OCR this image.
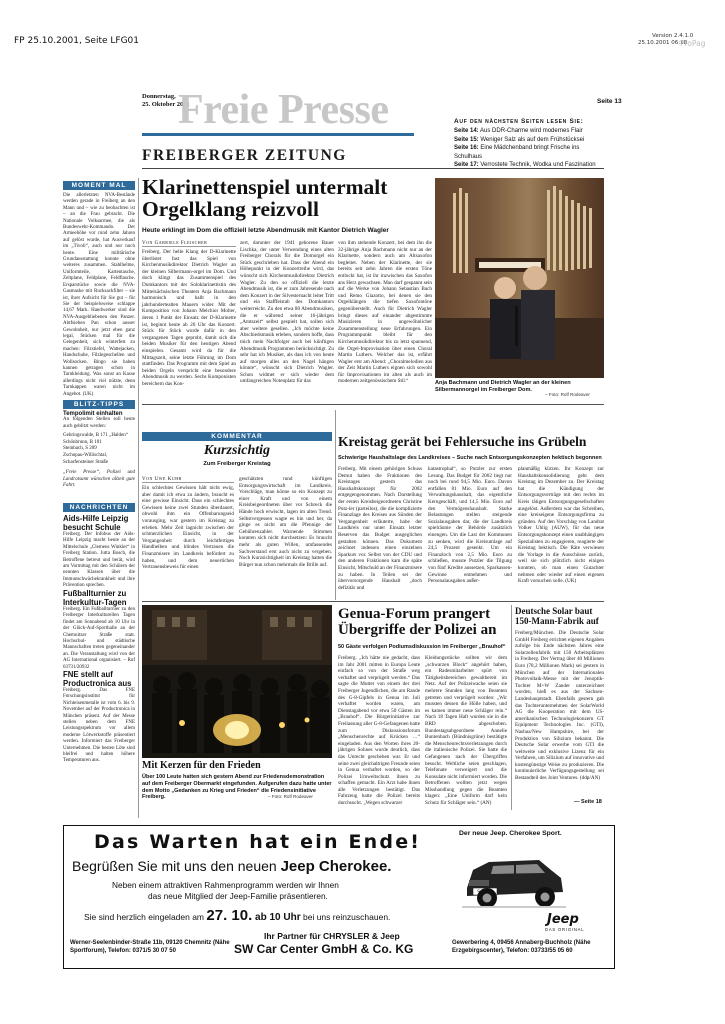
FP 25.10.2001, Seite LFG01	Version 2.4.1.0
25.10.2001 06:18
ProPag
Donnerstag,
25. Oktober 2001
Freie Presse
FREIBERGER ZEITUNG
Seite 13
Auf den nächsten Seiten lesen Sie:
Seite 14: Aus DDR-Charme wird modernes Flair
Seite 15: Weniger Salz als auf dem Frühstücksei
Seite 16: Eine Mädchenband bringt Frische ins Schulhaus
Seite 17: Verrostete Technik, Wodka und Faszination
MOMENT MAL
Die allerletzten NVA-Bestände werden gerade in Freiberg an den Mann und – wie zu beobachten ist – an die Frau gebracht. Die Nationale Volksarmee, die als Bundeswehr-Kommando. Der Armeehöhe vor rund zehn Jahren auf gelöst wurde, hat Ausverkauf im „Tivoli“, auch und nur noch heute. Eine militärische Grundausstattung konnte ohne weiteres zusammen. Stahlhelme, Uniformteile, Kartentasche, Zeltplane, Feldplane, Feldflasche. Ersparstücke sowie die NVA-Gasmaske mit Rucksackfilter – sie ist, ihrer Aufsicht für Sie gut – für Sie der beispielsweise schlappe 14,67 Mark. Handwerker sind die NVA-Ausgebliebenen den Panzer. Abtfsieben Pan schon ausser Gewohnheit, nur jetzt eben ganz legal, Stücken mal für die Gelegenheit, sich winterfest zu machen: Filzstiefel, Wattejacken, Handschuhe, Filzlegeschellen und Wollsocken. Bingo sie haben kannen getragen schon in Tarnkleidung. Was sonst an Kasse allerdings nicht viel nützte, denn Tarnkappen waren nicht im Angebot. (UK)
BLITZ-TIPPS
Tempolimit einhalten
An folgenden Stellen soll heute auch geblitzt werden:
Gehringswalde, B 171 „Halden“
Schönbrunn, B 101
Steinbach, S 209
Zschopau-Willischtal, Scharfensteiner Straße
„Freie Presse“, Polizei und Landratsamt wünschen allzeit gute Fahrt.
NACHRICHTEN
Aids-Hilfe Leipzig besucht Schule
Freiberg. Der Infobus der Aids-Hilfe Leipzig macht heute an der Mittelschule „Clemens Winkler“ in Freiberg Station. Jutta Bosch, die Betroffene betreut und berät, wird am Vormittag mit den Schülern der neunten Klassen über die Immunschwächekrankheit und ihre Prävention sprechen.
Fußballturnier zu Interkultur-Tagen
Freiberg. Ein Fußballturnier zu den Freiberger Interkulturellen Tagen findet am Sonnabend ab 10 Uhr in der Glück-Auf-Sporthalle an der Chemnitzer Straße statt. Hochschul- und städtische Mannschaften treten gegeneinander an. Die Veranstaltung wird von der AG International organisiert. – Ruf 03731/20932
FNE stellt auf Productronica aus
Freiberg. Das FNE Forschungsinstitut für Nichteisenmetalle ist vom 6. bis 9. November auf der Productronica in München präsent. Auf der Messe stellen neben dem FNE Leistungsspektrum vor allem moderne Lötwerkstoffe präsentiert werden. Informiert das Freiberger Unternehmen. Die besten Löte sind bleifrei und halten höhere Temperaturen aus.
Klarinettenspiel untermalt
Orgelklang reizvoll
Heute erklingt im Dom die offiziell letzte Abendmusik mit Kantor Dietrich Wagler
Von Gabriele Fleischer
Freiberg. Der helle Klang der D-Klarinette überlistet fast das Spiel von Kirchenmusikdirektor Dietrich Wagler an der kleinen Silbermann-orgel im Dom. Und doch klingt das Zusammenspiel des Domkantors mit der Soloklarinettistin des Mittelsächsischen Theaters Anja Bachmann harmonisch und hallt in den jahrhundertealten Mauern wider. Mit der Komposition von Johann Melchior Molter, deren 1 Punkt der Einsatz der D-Klarinette ist, beginnt heute ab 20 Uhr das Konzert. Stück für Stück wurde dafür in den vergangenen Tagen geprobt, damit sich die beiden Musiker für den heutigen Abend einspielen. Gesamt wird da für die Mittagszeit, seine letzte Führung im Dom stattfinden. Das Programm mit dem Spiel an beiden Orgeln verspricht eine besondere Abendmusik zu werden. Sechs Komponisten bereichern das Kon-
zert, darunter der 1941 geborene Bauer Lischka, der unter Verwendung eines alten Freiberger Chorals für die Domorgel ein Stück geschrieben hat. Dass der Abend ein Höhepunkt in der Konzertreihe wird, das wünscht sich Kirchenmusikdirektor Dietrich Wagler. Zu den so offiziell die letzte Abendmusik ist, die er zum Jahresende nach dem Konzert in der Silvesternacht leitet Tritt und ein Stafffeistab des Domkantors weiterreicht. Zu den etwa 80 Abendmusiken, die er während seiner 16-jährigen „Amtszeit“ selbst gespielt hat, sollen sich aber weitere gesellen. „Ich möchte keine Abschiedsmusik erleben, sondern hoffe, dass mich mein Nachfolger auch bei künftigen Abendmusik Programmen berücksichtigt. Zu sehr hat ich Musiker, als dass ich von heute auf morgen alles an den Nagel hängen könnte“, wünscht sich Dietrich Wagler. Schon widmet er sich wieder dem umfangreichen Notenplatz für das
von ihm stehende Konzert, bei dem ihn die 32-jährige Anja Bachmann nicht nur an der Klarinette, sondern auch am Altsaxofon begleitet. Neben der Klarinette, der sie bereits seit zehn Jahren die ersten Töne entlockt hat, ist ihr inzwischen das Saxofon ans Herz gewachsen. Man darf gespannt sein auf die Werke von Johann Sebastian Bach und Remo Giazotto, bei denen sie den Orgelklängen die tiefen Saxofontöne gegenüberstellt. Auch für Dietrich Wagler bringt dieses auf einander abgestimmte Musizieren in ungewöhnlicher Zusammenstellung neue Erfahrungen. Ein Programmpunkt bleibt für den Kirchenmusikdirektor bis zu letzt spannend, die Orgel-Improvisation über einen Choral Martin Luthers. Welcher das ist, erfährt Wagler erst am Abend: „Choralmelodien aus der Zeit Martin Luthers eignen sich sowohl für Improvisationen im alten als auch im modernen zeitgenössischem Stil.“	Anja Bachmann und Dietrich Wagler an der kleinen Silbermannorgel im Freiberger Dom.
– Foto: Rolf Rodeaver
KOMMENTAR
Kurzsichtig
Zum Freiberger Kreistag
Von Uwe Kuhr
Ein schlechtes Gewissen hält nicht ewig, aber damit ich etwa zu ändern, braucht es eine gewisse Einsicht. Dass ein schlechtes Gewissen keine zwei Stunden überdauert, obwohl ihm ein Offenbarungseid vorausging, war gestern im Kreistag zu erleben. Mehr Zeit lagnicht zwischen der schmerzlichen Einsicht, in der Vergangenheit durch leichtfertiges Handhelben und blindes Vertrauen die Finanzmisere im Landkreis befördert zu haben, und dem neuerlichen Vertrauensbeweis für einen
geschätzten rund künftigen Entsorgungswirtschaft im Landkreis. Vorschläge, man könne so ein Konzept zu einer Kraft und von einem Kreisbeigeordneten über vor Schreck die Hände hoch erwischt, lagen im alten Trend. Selbstvergessen wagte es hin und her, da ginge es nicht um die Pfennige der Gebührenzahler. Warnende Stimmen konnten sich nicht durchsetzen: Es braucht mehr als guten Willen, umfassendes Sachverstand erst auch nicht zu vergeben. Noch Kurzsichtigkeit im Kreistag hatten die Bürger nun schon mehrmals die Brille auf.
Kreistag gerät bei Fehlersuche ins Grübeln
Schwierige Haushaltslage des Landkreises – Suche nach Entsorgungskonzepten hektisch begonnen
Freiberg. Mit einem gehörigen Schuss Demut haben die Fraktionen des Kreistages gestern das Haushaltskonzept für 2002 entgegengenommen. Nach Darstellung der ersten Kreisbeigeordneten Christine Putz-ler (parteilos), die die komplizierte Finanzlage des Kreises aus Sünden der Vergangenheit erläuterte, habe der Landkreis nur unter Einsatz letzter Reserven das Budget ausgeglichen gestalten können. Das Dokument zeichnet indessen einen einzelnen Sparkurs vor. Selbst von der CDU und den anderen Fraktionen kam die späte Einsicht, Mitschuld an der Finanzmisere zu haben. In Teilen sei der übervorsorgende Haushalt „doch defizitär und
katastrophal“, so Putzler zur ersten Lesung. Das Budget für 2002 liegt nur noch bei rund 94,5 Mio. Euro. Davon entfallen 81 Mio. Euro auf den Verwaltungshaushalt, das eigentliche Kerngeschäft, und 14,5 Mio. Euro auf den Vermögenshaushalt. Starke Belastungen stellen steigende Sozialausgaben dar, die der Landkreis spielräume der Behörde zusätzlich einengen. Um die Last der Kommunen zu senken, wird die Kreisumlage auf 24,5 Prozent gesenkt. Um ein Finanzloch von 2,5 Mio. Euro zu schließen, musste Putzler die Tilgung von fünf Kredite aussetzen, Sparkassen-Gewinne entnehmen und Personalausgaben außer-
planmäßig kürzen. Ihr Konzept zur Haushaltskonsolidierung geht dem Kreistag im Dezember zu. Der Kreistag hat die Kündigung der Entsorgungsverträge mit den rechts im Kreis tätigen Entsorgungsgesellschaften ausgelöst. Außerdem war das Schreiben, eine kreiseigene Entsorgungsfirma zu gründen. Auf den Vorschlag von Landrat Volker Uhlig (AUW), für das neue Entsorgungskonzept einen unabhängigen Spezialisten zu engagieren, reagierte der Kreistag hektisch. Die Räte verwiesen die Vorlage in die Ausschüsse zurück, weil sie sich plötzlich nicht einigen konnten, ob man einen Gutachter nehmen oder wieder auf einen eigenen Kraft vorsuchen solle. (UK)
Mit Kerzen für den Frieden
Über 100 Leute hatten sich gestern Abend zur Friedensdemonstration auf dem Freiberger Obermarkt eingefunden. Aufgerufen dazu hatte unter dem Motto „Gedanken zu Krieg und Frieden“ die Friedensinitiative Freiberg.	– Foto: Rolf Rodeaver
Genua-Forum prangert
Übergriffe der Polizei an
50 Gäste verfolgen Podiumsdiskussion im Freiberger „Brauhof“
Freiberg. „Ich hätte nie gedacht, dass im Jahr 2001 mitten in Europa Leute einfach so von der Straße weg verhaftet und verprügelt werden.“ Das sagte die Mutter von einem der drei Freiberger Jugendlichen, die am Rande des G-8-Gipfels in Genua im Juli verhaftet worden waren, am Dienstagabend vor etwa 50 Gästen im „Brauhof“. Die Bürgerinitiative zur Freilassung aller G-8-Gefangenen hatte zum Diskussionsforum „Menschenrechte auf Krücken …“ eingeladen. Aus den Worten ihres 20-jährigen Sohnes wurde deutlich, dass das Unrecht geschehen war. Er und seine zwei gleichaltrigen Freunde seien in Genua verhaftet worden, so der Polizei Umweltschutz ihnen zu schaffen gemacht. Ein Arzt habe ihnen alle Verletzungen bestätigt. Das Fahrzeug hatte die Polizei bereits durchsucht. „Wegen schwarzer
Kleidungsstücke sollten wir dem „schwarzen Block“ angehört haben, ein Radesmitarbeiter spürt von Tätigkeitsbereichen gewaltbereit im Netz. Auf der Polizeiwache seien sie mehrere Stunden lang von Beamten getreten und verprügelt worden: „Wir mussten dessen die Hölle haben, und es kamen immer neue Schläger rein.“ Nach 18 Tagen Haft wurden sie in die BRD abgeschoben. Bundestagsabgeordnete Annelie Buntenbach (Bündnisgrüne) bestätigte die Menschenrechtsverletzungen durch die italienische Polizei. Sie hatte die Gefangenen nach der Übergriffen besucht. Weltliche seien geschlagen, Telefonate verweigert und die Konsulate nicht informiert worden. Die Betroffenen wollten jetzt wegen Misshandlung gegen die Beamten klagen: „Eine Uniform darf kein Schutz für Schläger sein.“ (AN)
Deutsche Solar baut
150-Mann-Fabrik auf
Freiberg/München. Die Deutsche Solar GmbH Freiberg errichtet eigenen Angaben zufolge bis Ende nächsten Jahres eine Solarzellenfabrik mit 150 Arbeitsplätzen in Freiberg. Der Vertrag über 40 Millionen Euro (78,2 Millionen Mark) sei gestern in München auf der Internationalen Photovoltaik-Messe mit der Jenoptik-Tochter M+W Zander unterzeichnet worden, hieß es aus der Sachsen-Landeshauptstadt. Ebenfalls gestern gab das Tochterunternehmen der SolarWorld AG die Kooperation mit dem US-amerikanischen Technologiekonzern GT Equipment Technologies Inc. (GTI), Nashua/New Hampshire, bei der Produktion von Silizium bekannt. Die Deutsche Solar erwerbe vom GTI die weltweite und exklusive Lizenz für ein Verfahren, um Silizium auf innovative und kostengünstige Weise zu produzieren. Die kontinuierliche Verfügungsgestellung sei Bestandteil des Joint Ventures. (ddp/AN)
— Seite 18
Das Warten hat ein Ende!
Begrüßen Sie mit uns den neuen Jeep Cherokee.
Neben einem attraktiven Rahmenprogramm werden wir Ihnen
das neue Mitglied der Jeep-Familie präsentieren.
Sie sind herzlich eingeladen am 27. 10. ab 10 Uhr bei uns reinzuschauen.
Ihr Partner für CHRYSLER & Jeep
Werner-Seelenbinder-Straße 11b, 09120 Chemnitz (Nähe Sportforum), Telefon: 0371/5 30 07 50	SW Car Center GmbH & Co. KG	Gewerbering 4, 09456 Annaberg-Buchholz (Nähe Erzgebirgscenter), Telefon: 03733/55 05 60
Der neue Jeep. Cherokee Sport.
C-JE 2001
Jeep
DAS ORIGINAL
